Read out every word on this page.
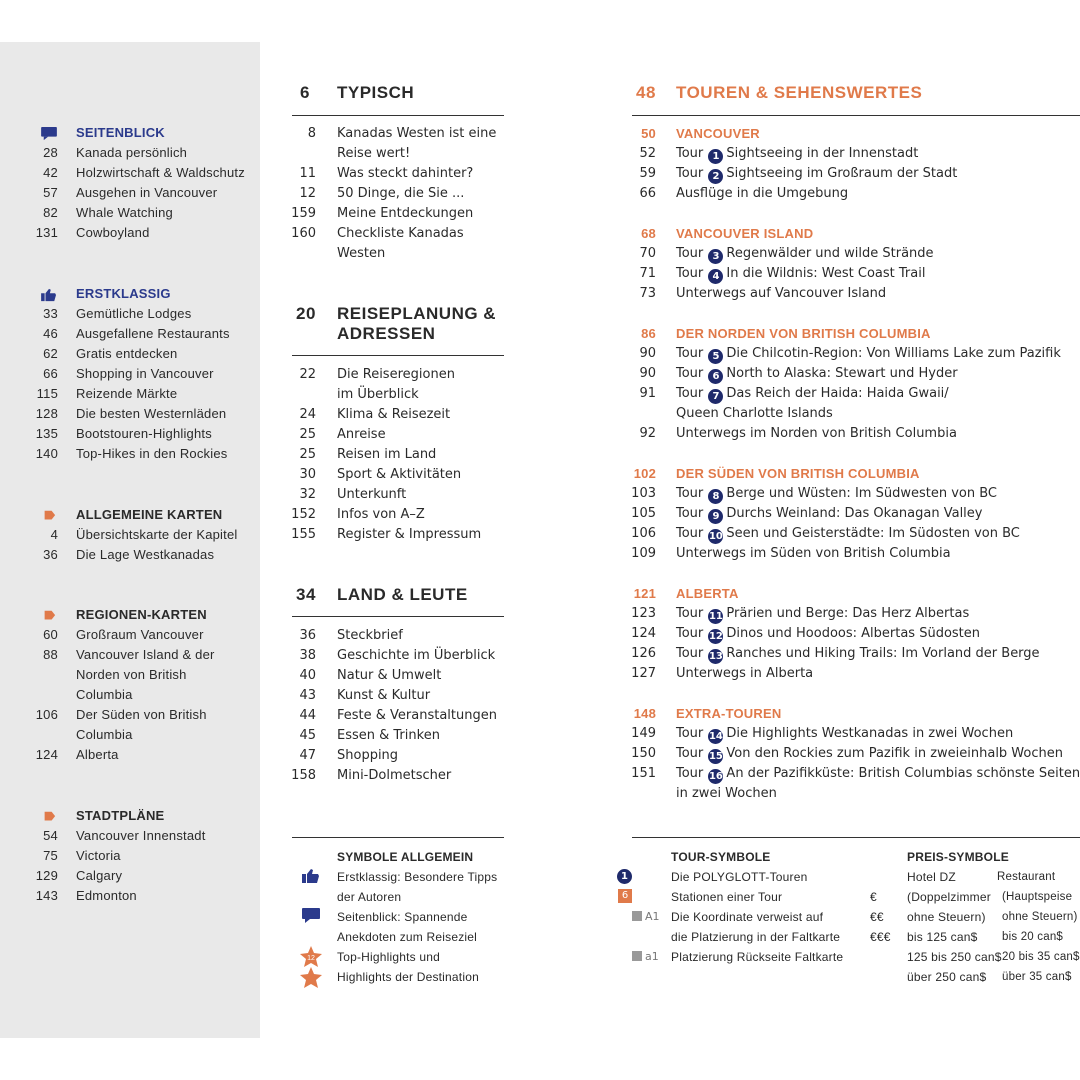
SEITENBLICK
28 Kanada persönlich
42 Holzwirtschaft & Waldschutz
57 Ausgehen in Vancouver
82 Whale Watching
131 Cowboyland
ERSTKLASSIG
33 Gemütliche Lodges
46 Ausgefallene Restaurants
62 Gratis entdecken
66 Shopping in Vancouver
115 Reizende Märkte
128 Die besten Westernläden
135 Bootstouren-Highlights
140 Top-Hikes in den Rockies
ALLGEMEINE KARTEN
4 Übersichtskarte der Kapitel
36 Die Lage Westkanadas
REGIONEN-KARTEN
60 Großraum Vancouver
88 Vancouver Island & der
Norden von British
Columbia
106 Der Süden von British
Columbia
124 Alberta
STADTPLÄNE
54 Vancouver Innenstadt
75 Victoria
129 Calgary
143 Edmonton
6 TYPISCH
8 Kanadas Westen ist eine
Reise wert!
11 Was steckt dahinter?
12 50 Dinge, die Sie ...
159 Meine Entdeckungen
160 Checkliste Kanadas
Westen
20 REISEPLANUNG &
ADRESSEN
22 Die Reiseregionen
im Überblick
24 Klima & Reisezeit
25 Anreise
25 Reisen im Land
30 Sport & Aktivitäten
32 Unterkunft
152 Infos von A–Z
155 Register & Impressum
34 LAND & LEUTE
36 Steckbrief
38 Geschichte im Überblick
40 Natur & Umwelt
43 Kunst & Kultur
44 Feste & Veranstaltungen
45 Essen & Trinken
47 Shopping
158 Mini-Dolmetscher
48 TOUREN & SEHENSWERTES
50 VANCOUVER
52 Tour 1 Sightseeing in der Innenstadt
59 Tour 2 Sightseeing im Großraum der Stadt
66 Ausflüge in die Umgebung
68 VANCOUVER ISLAND
70 Tour 3 Regenwälder und wilde Strände
71 Tour 4 In die Wildnis: West Coast Trail
73 Unterwegs auf Vancouver Island
86 DER NORDEN VON BRITISH COLUMBIA
90 Tour 5 Die Chilcotin-Region: Von Williams Lake zum Pazifik
90 Tour 6 North to Alaska: Stewart und Hyder
91 Tour 7 Das Reich der Haida: Haida Gwaii/
Queen Charlotte Islands
92 Unterwegs im Norden von British Columbia
102 DER SÜDEN VON BRITISH COLUMBIA
103 Tour 8 Berge und Wüsten: Im Südwesten von BC
105 Tour 9 Durchs Weinland: Das Okanagan Valley
106 Tour 10 Seen und Geisterstädte: Im Südosten von BC
109 Unterwegs im Süden von British Columbia
121 ALBERTA
123 Tour 11 Prärien und Berge: Das Herz Albertas
124 Tour 12 Dinos und Hoodoos: Albertas Südosten
126 Tour 13 Ranches und Hiking Trails: Im Vorland der Berge
127 Unterwegs in Alberta
148 EXTRA-TOUREN
149 Tour 14 Die Highlights Westkanadas in zwei Wochen
150 Tour 15 Von den Rockies zum Pazifik in zweieinhalb Wochen
151 Tour 16 An der Pazifikküste: British Columbias schönste Seiten
in zwei Wochen
SYMBOLE ALLGEMEIN
Erstklassig: Besondere Tipps
der Autoren
Seitenblick: Spannende
Anekdoten zum Reiseziel
Top-Highlights und
Highlights der Destination
12
TOUR-SYMBOLE
1
6
A1
a1
Die POLYGLOTT-Touren
Stationen einer Tour
Die Koordinate verweist auf
die Platzierung in der Faltkarte
Platzierung Rückseite Faltkarte
PREIS-SYMBOLE
€
€€
€€€
Hotel DZ
(Doppelzimmer
ohne Steuern)
bis 125 can$
125 bis 250 can$
über 250 can$
Restaurant
(Hauptspeise
ohne Steuern)
bis 20 can$
20 bis 35 can$
über 35 can$
